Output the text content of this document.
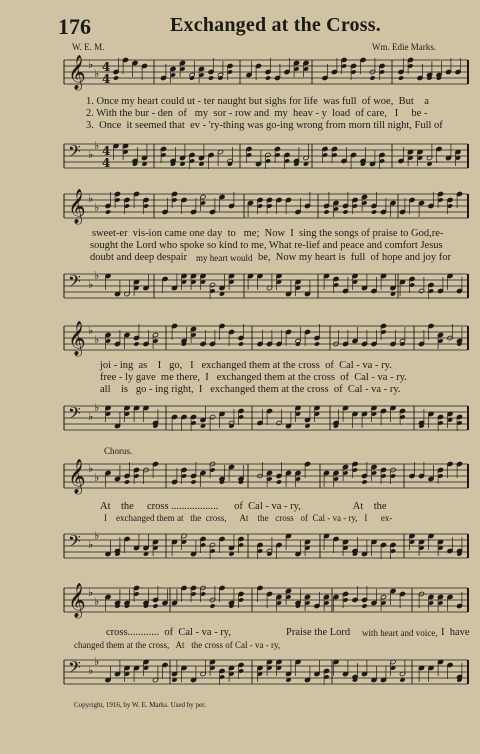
176	Exchanged at the Cross.
W. E. M.	Wm. Edie Marks.
𝄞 ♭
♭ 4
4
1. Once my heart could ut - ter naught but sighs for life  was full  of woe,  But    a
2. With the bur - den  of   my  sor - row and  my  heav - y  load  of care,   I     be -
3.  Once  it seemed that  ev - 'ry-thing was go-ing wrong from morn till night, Full of
𝄢 ♭
♭ 4
4
𝄞 ♭
♭
sweet-er  vis-ion came one day  to   me;  Now  I  sing the songs of praise to God,re-
sought the Lord who spoke so kind to me, What re-lief and peace and comfort Jesus
doubt and deep despair my heart would be,  Now my heart is  full  of hope and joy for
𝄢 ♭
♭
𝄞 ♭
♭
joi - ing  as    I   go,   I   exchanged them at the cross  of  Cal - va - ry.
free - ly gave  me there,  I   exchanged them at the cross  of  Cal - va - ry.
all    is   go - ing right,  I   exchanged them at the cross  of  Cal - va - ry.
𝄢 ♭
♭
Chorus.
𝄞 ♭
♭
At    the     cross ..................      of  Cal - va - ry,                    At    the
I    exchanged them at   the  cross,      At    the   cross   of  Cal - va - ry,   I      ex-
𝄢 ♭
♭
𝄞 ♭
♭
cross............  of  Cal - va - ry,	Praise the Lord with heart and voice, I  have
changed them at the cross,   At   the cross of Cal - va - ry,
𝄢 ♭
♭
Copyright, 1916, by W. E. Marks. Used by per.
